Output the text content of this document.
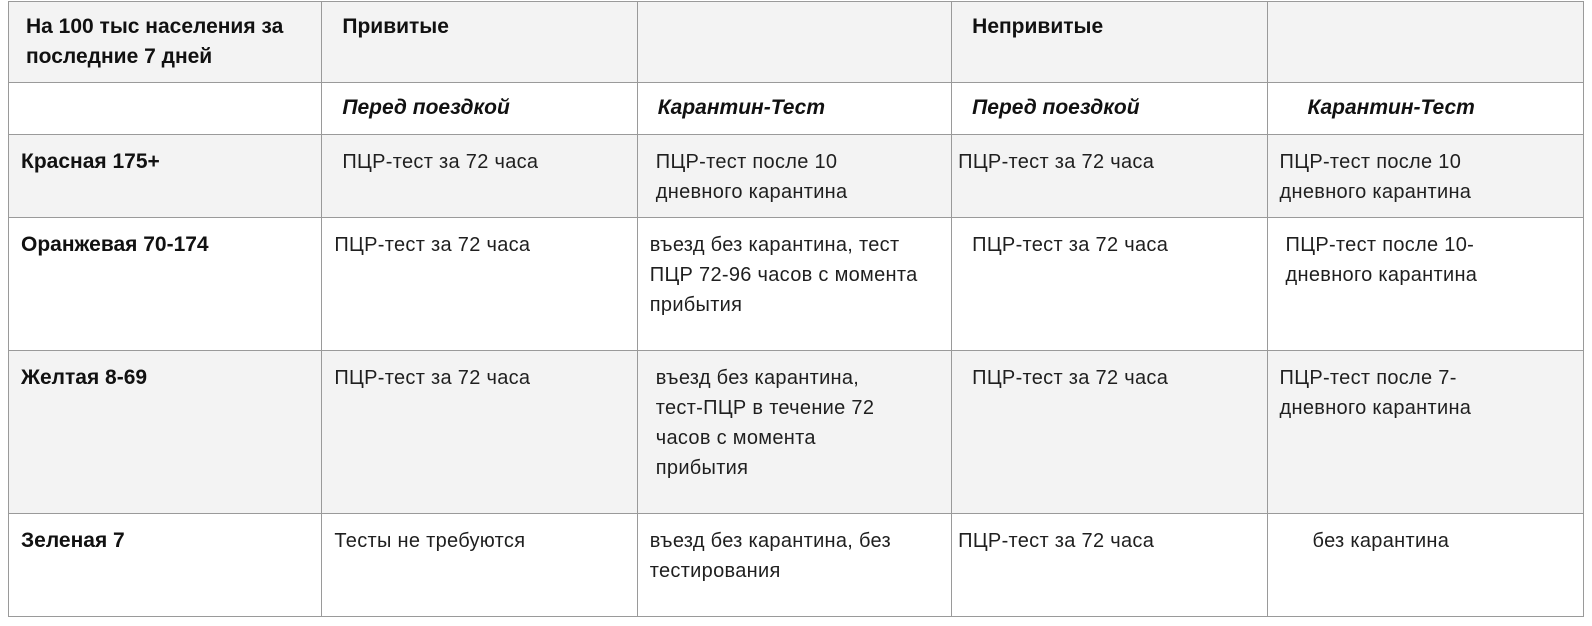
На 100 тыс населения за последние 7 дней	Привитые		Непривитые	
	Перед поездкой	Карантин-Тест	Перед поездкой	Карантин-Тест
Красная 175+	ПЦР-тест за 72 часа	ПЦР-тест после 10 дневного карантина	ПЦР-тест за 72 часа	ПЦР-тест после 10 дневного карантина

Оранжевая 70-174	ПЦР-тест за 72 часа	въезд без карантина, тест ПЦР 72-96 часов с момента прибытия	ПЦР-тест за 72 часа	ПЦР-тест после 10-дневного карантина

Желтая 8-69	ПЦР-тест за 72 часа	въезд без карантина, тест-ПЦР в течение 72 часов с момента прибытия	ПЦР-тест за 72 часа	ПЦР-тест после 7-дневного карантина

Зеленая 7	Тесты не требуются	въезд без карантина, без тестирования	ПЦР-тест за 72 часа	без карантина
